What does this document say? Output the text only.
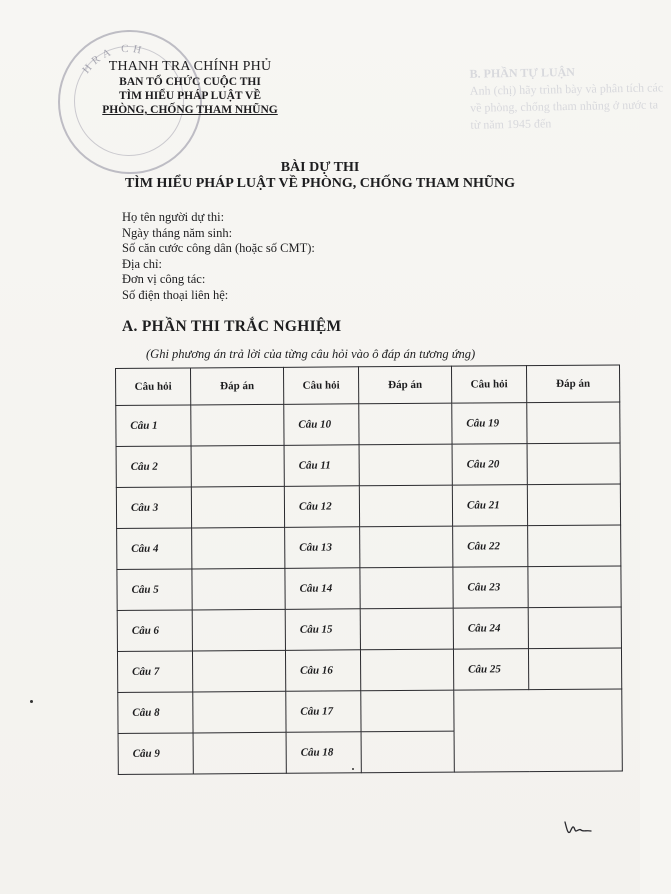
B. PHẦN TỰ LUẬN
Anh (chị) hãy trình bày và phân tích các
về phòng, chống tham nhũng ở nước ta từ năm 1945 đến
HRA CH
THANH TRA CHÍNH PHỦ
BAN TỔ CHỨC CUỘC THI
TÌM HIỂU PHÁP LUẬT VỀ
PHÒNG, CHỐNG THAM NHŨNG
BÀI DỰ THI
TÌM HIỂU PHÁP LUẬT VỀ PHÒNG, CHỐNG THAM NHŨNG
Họ tên người dự thi:
Ngày tháng năm sinh:
Số căn cước công dân (hoặc số CMT):
Địa chỉ:
Đơn vị công tác:
Số điện thoại liên hệ:
A. PHẦN THI TRẮC NGHIỆM
(Ghi phương án trả lời của từng câu hỏi vào ô đáp án tương ứng)
Câu hỏi	Đáp án	Câu hỏi	Đáp án	Câu hỏi	Đáp án
Câu 1		Câu 10		Câu 19	
Câu 2		Câu 11		Câu 20	
Câu 3		Câu 12		Câu 21	
Câu 4		Câu 13		Câu 22	
Câu 5		Câu 14		Câu 23	
Câu 6		Câu 15		Câu 24	
Câu 7		Câu 16		Câu 25	
Câu 8		Câu 17			
Câu 9		Câu 18			
